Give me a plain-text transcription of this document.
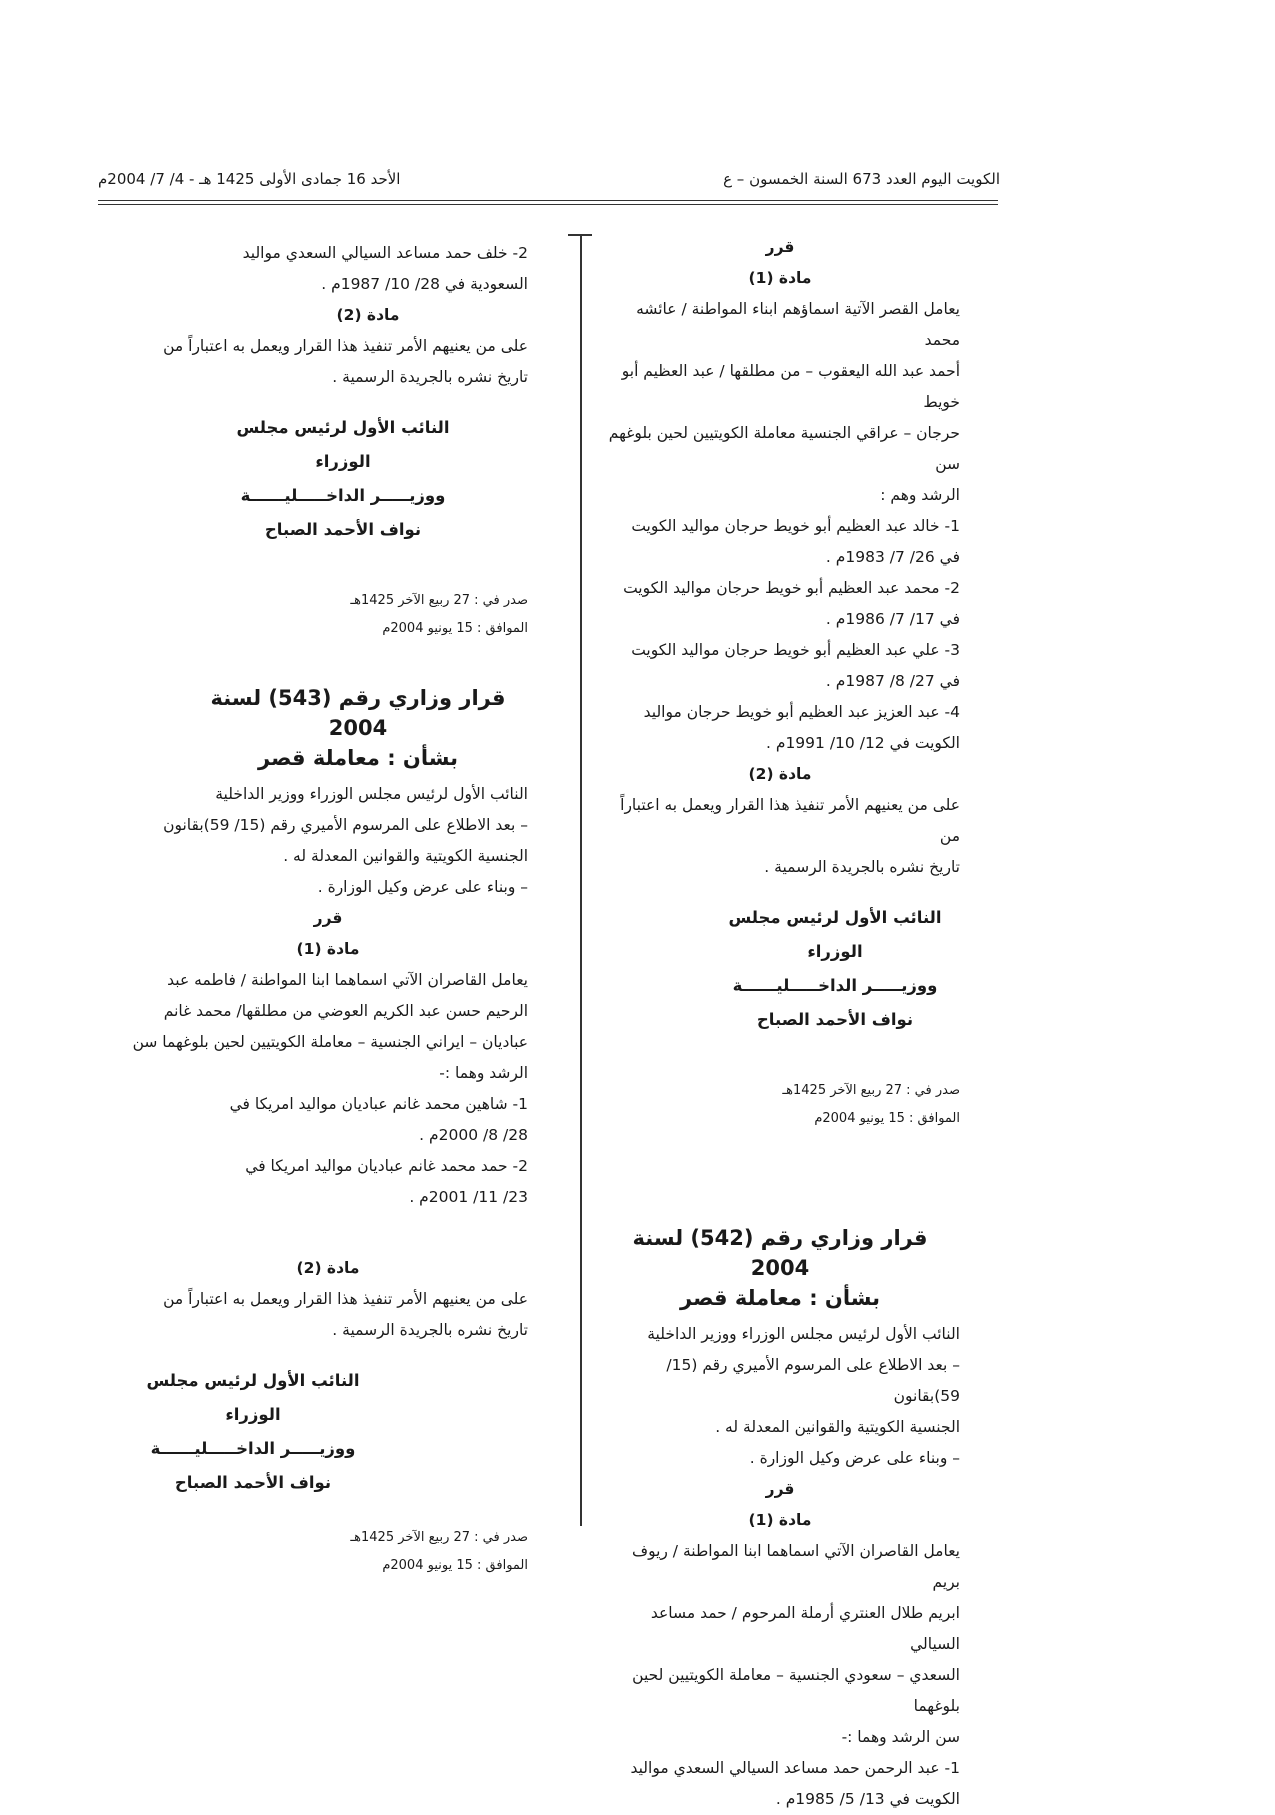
الكويت اليوم العدد 673 السنة الخمسون – ع
الأحد 16 جمادى الأولى 1425 هـ - 4/ 7/ 2004م

قرر

مادة (1)

يعامل القصر الآتية اسماؤهم ابناء المواطنة / عائشه محمد

أحمد عبد الله اليعقوب – من مطلقها / عبد العظيم أبو خويط

حرجان – عراقي الجنسية معاملة الكويتيين لحين بلوغهم سن

الرشد وهم :

1- خالد عبد العظيم أبو خويط حرجان مواليد الكويت

في 26/ 7/ 1983م .

2- محمد عبد العظيم أبو خويط حرجان مواليد الكويت

في 17/ 7/ 1986م .

3- علي عبد العظيم أبو خويط حرجان مواليد الكويت

في 27/ 8/ 1987م .

4- عبد العزيز عبد العظيم أبو خويط حرجان مواليد

الكويت في 12/ 10/ 1991م .

مادة (2)

على من يعنيهم الأمر تنفيذ هذا القرار ويعمل به اعتباراً من

تاريخ نشره بالجريدة الرسمية .

النائب الأول لرئيس مجلس الوزراء

ووزيـــــر الداخـــــليــــــة

نواف الأحمد الصباح

صدر في : 27 ربيع الآخر 1425هـ

الموافق : 15 يونيو 2004م

قرار وزاري رقم (542) لسنة 2004

بشأن : معاملة قصر

النائب الأول لرئيس مجلس الوزراء ووزير الداخلية

– بعد الاطلاع على المرسوم الأميري رقم (15/ 59)بقانون

الجنسية الكويتية والقوانين المعدلة له .

– وبناء على عرض وكيل الوزارة .

قرر

مادة (1)

يعامل القاصران الآتي اسماهما ابنا المواطنة / ريوف بريم

ابريم طلال العنتري أرملة المرحوم / حمد مساعد السيالي

السعدي – سعودي الجنسية – معاملة الكويتيين لحين بلوغهما

سن الرشد وهما :-

1- عبد الرحمن حمد مساعد السيالي السعدي مواليد

الكويت في 13/ 5/ 1985م .

2- خلف حمد مساعد السيالي السعدي مواليد

السعودية في 28/ 10/ 1987م .

مادة (2)

على من يعنيهم الأمر تنفيذ هذا القرار ويعمل به اعتباراً من

تاريخ نشره بالجريدة الرسمية .

النائب الأول لرئيس مجلس الوزراء

ووزيـــــر الداخـــــليــــــة

نواف الأحمد الصباح

صدر في : 27 ربيع الآخر 1425هـ

الموافق : 15 يونيو 2004م

قرار وزاري رقم (543) لسنة 2004

بشأن : معاملة قصر

النائب الأول لرئيس مجلس الوزراء ووزير الداخلية

– بعد الاطلاع على المرسوم الأميري رقم (15/ 59)بقانون

الجنسية الكويتية والقوانين المعدلة له .

– وبناء على عرض وكيل الوزارة .

قرر

مادة (1)

يعامل القاصران الآتي اسماهما ابنا المواطنة / فاطمه عبد

الرحيم حسن عبد الكريم العوضي من مطلقها/ محمد غانم

عباديان – ايراني الجنسية – معاملة الكويتيين لحين بلوغهما سن

الرشد وهما :-

1- شاهين محمد غانم عباديان مواليد امريكا في

28/ 8/ 2000م .

2- حمد محمد غانم عباديان مواليد امريكا في

23/ 11/ 2001م .

مادة (2)

على من يعنيهم الأمر تنفيذ هذا القرار ويعمل به اعتباراً من

تاريخ نشره بالجريدة الرسمية .

النائب الأول لرئيس مجلس الوزراء

ووزيـــــر الداخـــــليــــــة

نواف الأحمد الصباح

صدر في : 27 ربيع الآخر 1425هـ

الموافق : 15 يونيو 2004م
